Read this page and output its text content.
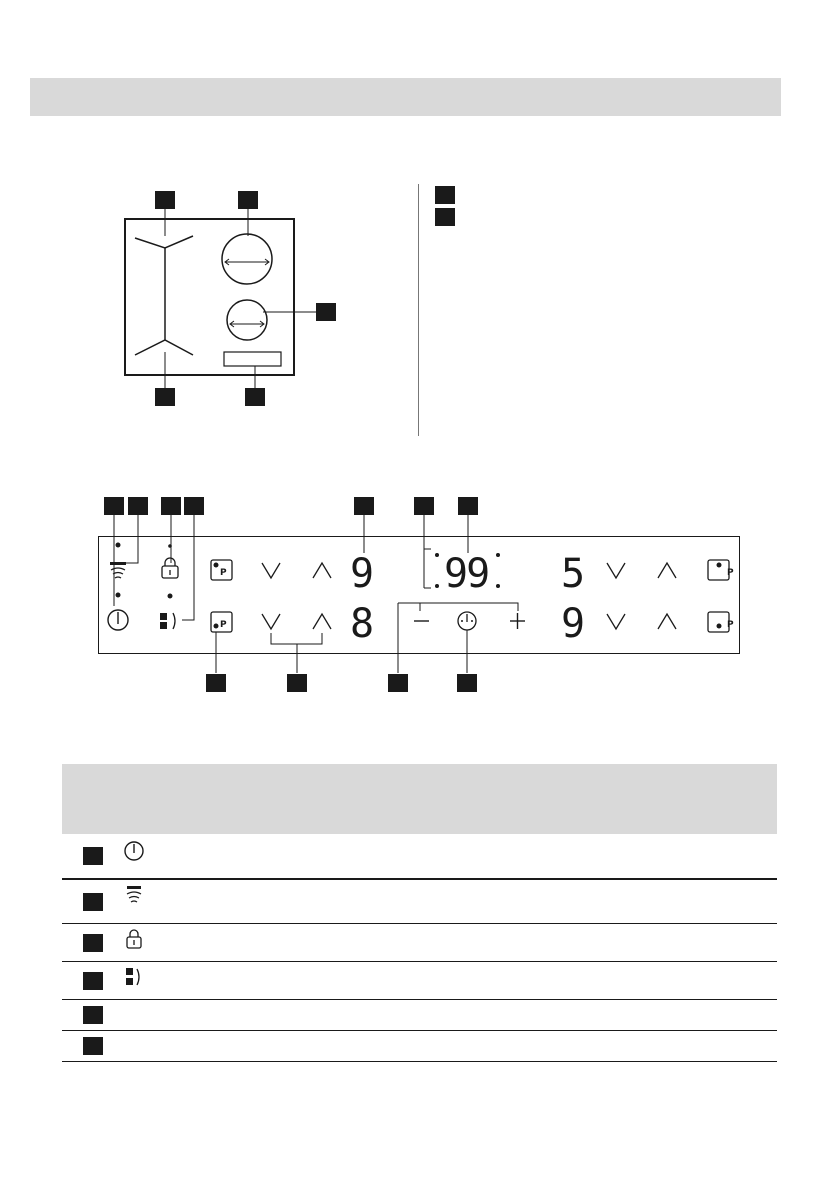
P
P
P
P
9
8
99 5
9
